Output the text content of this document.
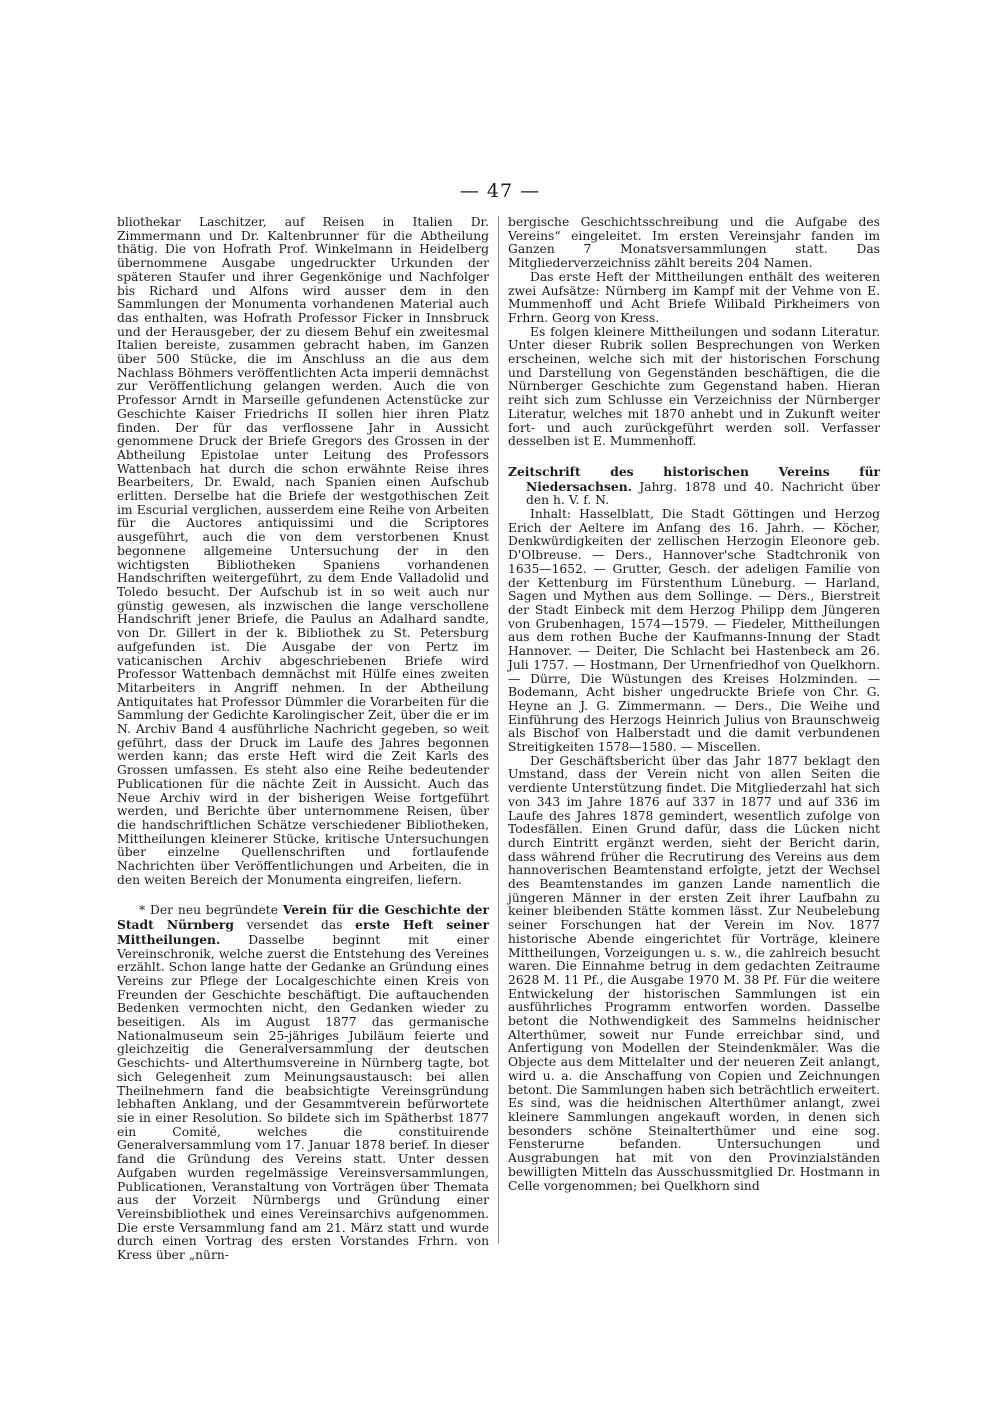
— 47 —

bliothekar Laschitzer, auf Reisen in Italien Dr. Zimmermann und Dr. Kaltenbrunner für die Abtheilung thätig. Die von Hofrath Prof. Winkelmann in Heidelberg übernommene Ausgabe ungedruckter Urkunden der späteren Staufer und ihrer Gegenkönige und Nachfolger bis Richard und Alfons wird ausser dem in den Sammlungen der Monumenta vorhandenen Material auch das enthalten, was Hofrath Professor Ficker in Innsbruck und der Herausgeber, der zu diesem Behuf ein zweitesmal Italien bereiste, zusammen gebracht haben, im Ganzen über 500 Stücke, die im Anschluss an die aus dem Nachlass Böhmers veröffentlichten Acta imperii demnächst zur Veröffentlichung gelangen werden. Auch die von Professor Arndt in Marseille gefundenen Actenstücke zur Geschichte Kaiser Friedrichs II sollen hier ihren Platz finden. Der für das verflossene Jahr in Aussicht genommene Druck der Briefe Gregors des Grossen in der Abtheilung Epistolae unter Leitung des Professors Wattenbach hat durch die schon erwähnte Reise ihres Bearbeiters, Dr. Ewald, nach Spanien einen Aufschub erlitten. Derselbe hat die Briefe der westgothischen Zeit im Escurial verglichen, ausserdem eine Reihe von Arbeiten für die Auctores antiquissimi und die Scriptores ausgeführt, auch die von dem verstorbenen Knust begonnene allgemeine Untersuchung der in den wichtigsten Bibliotheken Spaniens vorhandenen Handschriften weitergeführt, zu dem Ende Valladolid und Toledo besucht. Der Aufschub ist in so weit auch nur günstig gewesen, als inzwischen die lange verschollene Handschrift jener Briefe, die Paulus an Adalhard sandte, von Dr. Gillert in der k. Bibliothek zu St. Petersburg aufgefunden ist. Die Ausgabe der von Pertz im vaticanischen Archiv abgeschriebenen Briefe wird Professor Wattenbach demnächst mit Hülfe eines zweiten Mitarbeiters in Angriff nehmen. In der Abtheilung Antiquitates hat Professor Dümmler die Vorarbeiten für die Sammlung der Gedichte Karolingischer Zeit, über die er im N. Archiv Band 4 ausführliche Nachricht gegeben, so weit geführt, dass der Druck im Laufe des Jahres begonnen werden kann; das erste Heft wird die Zeit Karls des Grossen umfassen. Es steht also eine Reihe bedeutender Publicationen für die nächte Zeit in Aussicht. Auch das Neue Archiv wird in der bisherigen Weise fortgeführt werden, und Berichte über unternommene Reisen, über die handschriftlichen Schätze verschiedener Bibliotheken, Mittheilungen kleinerer Stücke, kritische Untersuchungen über einzelne Quellenschriften und fortlaufende Nachrichten über Veröffentlichungen und Arbeiten, die in den weiten Bereich der Monumenta eingreifen, liefern.

* Der neu begründete Verein für die Geschichte der Stadt Nürnberg versendet das erste Heft seiner Mittheilungen. Dasselbe beginnt mit einer Vereinschronik, welche zuerst die Entstehung des Vereines erzählt. Schon lange hatte der Gedanke an Gründung eines Vereins zur Pflege der Localgeschichte einen Kreis von Freunden der Geschichte beschäftigt. Die auftauchenden Bedenken vermochten nicht, den Gedanken wieder zu beseitigen. Als im August 1877 das germanische Nationalmuseum sein 25-jähriges Jubiläum feierte und gleichzeitig die Generalversammlung der deutschen Geschichts- und Alterthumsvereine in Nürnberg tagte, bot sich Gelegenheit zum Meinungsaustausch: bei allen Theilnehmern fand die beabsichtigte Vereinsgründung lebhaften Anklang, und der Gesammtverein befürwortete sie in einer Resolution. So bildete sich im Spätherbst 1877 ein Comité, welches die constituirende Generalversammlung vom 17. Januar 1878 berief. In dieser fand die Gründung des Vereins statt. Unter dessen Aufgaben wurden regelmässige Vereinsversammlungen, Publicationen, Veranstaltung von Vorträgen über Themata aus der Vorzeit Nürnbergs und Gründung einer Vereinsbibliothek und eines Vereinsarchivs aufgenommen. Die erste Versammlung fand am 21. März statt und wurde durch einen Vortrag des ersten Vorstandes Frhrn. von Kress über „nürn-

bergische Geschichtsschreibung und die Aufgabe des Vereins“ eingeleitet. Im ersten Vereinsjahr fanden im Ganzen 7 Monatsversammlungen statt. Das Mitgliederverzeichniss zählt bereits 204 Namen.

Das erste Heft der Mittheilungen enthält des weiteren zwei Aufsätze: Nürnberg im Kampf mit der Vehme von E. Mummenhoff und Acht Briefe Wilibald Pirkheimers von Frhrn. Georg von Kress.

Es folgen kleinere Mittheilungen und sodann Literatur. Unter dieser Rubrik sollen Besprechungen von Werken erscheinen, welche sich mit der historischen Forschung und Darstellung von Gegenständen beschäftigen, die die Nürnberger Geschichte zum Gegenstand haben. Hieran reiht sich zum Schlusse ein Verzeichniss der Nürnberger Literatur, welches mit 1870 anhebt und in Zukunft weiter fort- und auch zurückgeführt werden soll. Verfasser desselben ist E. Mummenhoff.

Zeitschrift des historischen Vereins für Niedersachsen. Jahrg. 1878 und 40. Nachricht über den h. V. f. N.

Inhalt: Hasselblatt, Die Stadt Göttingen und Herzog Erich der Aeltere im Anfang des 16. Jahrh. — Köcher, Denkwürdigkeiten der zellischen Herzogin Eleonore geb. D'Olbreuse. — Ders., Hannover'sche Stadtchronik von 1635—1652. — Grutter, Gesch. der adeligen Familie von der Kettenburg im Fürstenthum Lüneburg. — Harland, Sagen und Mythen aus dem Sollinge. — Ders., Bierstreit der Stadt Einbeck mit dem Herzog Philipp dem Jüngeren von Grubenhagen, 1574—1579. — Fiedeler, Mittheilungen aus dem rothen Buche der Kaufmanns-Innung der Stadt Hannover. — Deiter, Die Schlacht bei Hastenbeck am 26. Juli 1757. — Hostmann, Der Urnenfriedhof von Quelkhorn. — Dürre, Die Wüstungen des Kreises Holzminden. — Bodemann, Acht bisher ungedruckte Briefe von Chr. G. Heyne an J. G. Zimmermann. — Ders., Die Weihe und Einführung des Herzogs Heinrich Julius von Braunschweig als Bischof von Halberstadt und die damit verbundenen Streitigkeiten 1578—1580. — Miscellen.

Der Geschäftsbericht über das Jahr 1877 beklagt den Umstand, dass der Verein nicht von allen Seiten die verdiente Unterstützung findet. Die Mitgliederzahl hat sich von 343 im Jahre 1876 auf 337 in 1877 und auf 336 im Laufe des Jahres 1878 gemindert, wesentlich zufolge von Todesfällen. Einen Grund dafür, dass die Lücken nicht durch Eintritt ergänzt werden, sieht der Bericht darin, dass während früher die Recrutirung des Vereins aus dem hannoverischen Beamtenstand erfolgte, jetzt der Wechsel des Beamtenstandes im ganzen Lande namentlich die jüngeren Männer in der ersten Zeit ihrer Laufbahn zu keiner bleibenden Stätte kommen lässt. Zur Neubelebung seiner Forschungen hat der Verein im Nov. 1877 historische Abende eingerichtet für Vorträge, kleinere Mittheilungen, Vorzeigungen u. s. w., die zahlreich besucht waren. Die Einnahme betrug in dem gedachten Zeitraume 2628 M. 11 Pf., die Ausgabe 1970 M. 38 Pf. Für die weitere Entwickelung der historischen Sammlungen ist ein ausführliches Programm entworfen worden. Dasselbe betont die Nothwendigkeit des Sammelns heidnischer Alterthümer, soweit nur Funde erreichbar sind, und Anfertigung von Modellen der Steindenkmäler. Was die Objecte aus dem Mittelalter und der neueren Zeit anlangt, wird u. a. die Anschaffung von Copien und Zeichnungen betont. Die Sammlungen haben sich beträchtlich erweitert. Es sind, was die heidnischen Alterthümer anlangt, zwei kleinere Sammlungen angekauft worden, in denen sich besonders schöne Steinalterthümer und eine sog. Fensterurne befanden. Untersuchungen und Ausgrabungen hat mit von den Provinzialständen bewilligten Mitteln das Ausschussmitglied Dr. Hostmann in Celle vorgenommen; bei Quelkhorn sind
